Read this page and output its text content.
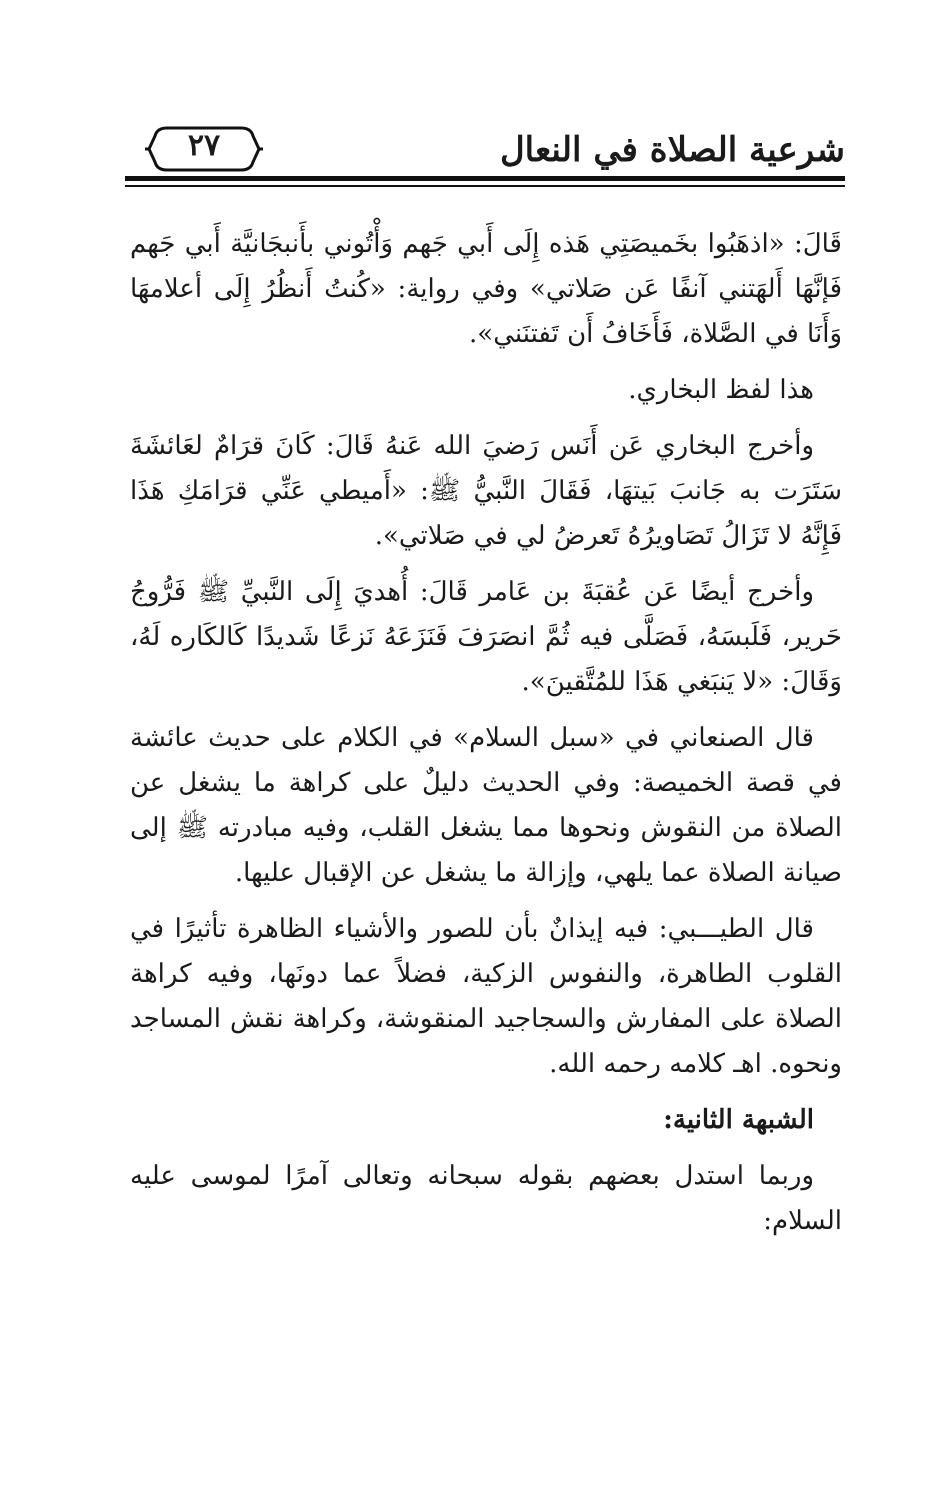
شرعية الصلاة في النعال
٢٧

قَالَ: «اذهَبُوا بخَميصَتِي هَذه إِلَى أَبي جَهم وَأْتُوني بأَنبجَانيَّة أَبي جَهم فَإنَّهَا أَلهَتني آنفًا عَن صَلاتي» وفي رواية: «كُنتُ أَنظُرُ إِلَى أعلامهَا وَأَنَا في الصَّلاة، فَأَخَافُ أَن تَفتنَني».

هذا لفظ البخاري.

وأخرج البخاري عَن أَنَس رَضيَ الله عَنهُ قَالَ: كَانَ قرَامٌ لعَائشَةَ سَتَرَت به جَانبَ بَيتهَا، فَقَالَ النَّبيُّ ﷺ: «أَميطي عَنِّي قرَامَكِ هَذَا فَإِنَّهُ لا تَزَالُ تَصَاويرُهُ تَعرضُ لي في صَلاتي».

وأخرج أيضًا عَن عُقبَةَ بن عَامر قَالَ: أُهديَ إِلَى النَّبيِّ ﷺ فَرُّوجُ حَرير، فَلَبسَهُ، فَصَلَّى فيه ثُمَّ انصَرَفَ فَنَزَعَهُ نَزعًا شَديدًا كَالكَاره لَهُ، وَقَالَ: «لا يَنبَغي هَذَا للمُتَّقينَ».

قال الصنعاني في «سبل السلام» في الكلام على حديث عائشة في قصة الخميصة: وفي الحديث دليلٌ على كراهة ما يشغل عن الصلاة من النقوش ونحوها مما يشغل القلب، وفيه مبادرته ﷺ إلى صيانة الصلاة عما يلهي، وإزالة ما يشغل عن الإقبال عليها.

قال الطيـــبي: فيه إيذانٌ بأن للصور والأشياء الظاهرة تأثيرًا في القلوب الطاهرة، والنفوس الزكية، فضلاً عما دونَها، وفيه كراهة الصلاة على المفارش والسجاجيد المنقوشة، وكراهة نقش المساجد ونحوه. اهـ كلامه رحمه الله.

الشبهة الثانية:

وربما استدل بعضهم بقوله سبحانه وتعالى آمرًا لموسى عليه السلام:
